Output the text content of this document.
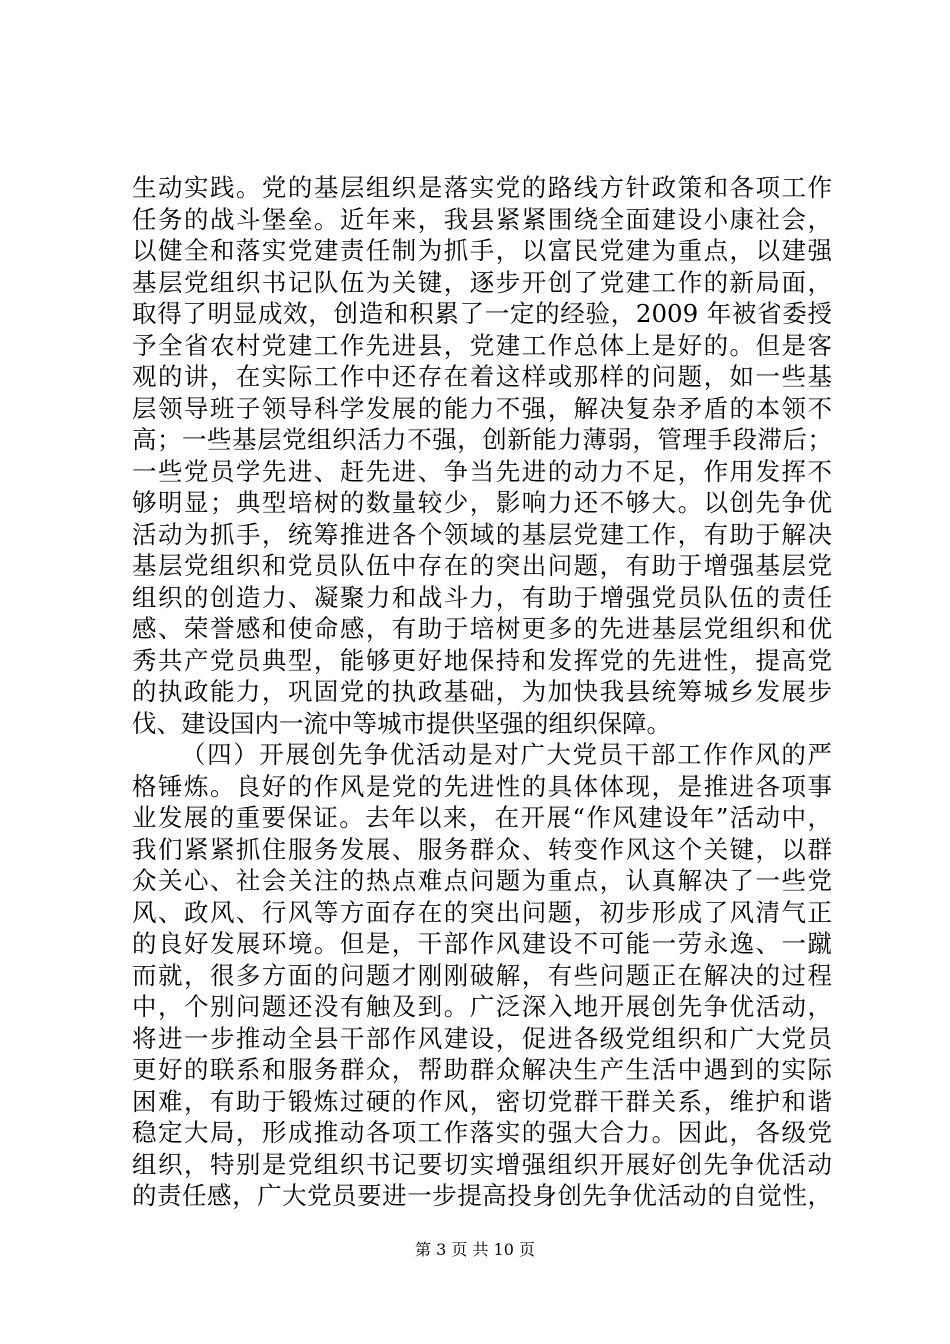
生动实践。党的基层组织是落实党的路线方针政策和各项工作
任务的战斗堡垒。近年来，我县紧紧围绕全面建设小康社会，
以健全和落实党建责任制为抓手，以富民党建为重点，以建强
基层党组织书记队伍为关键，逐步开创了党建工作的新局面，
取得了明显成效，创造和积累了一定的经验，2009 年被省委授
予全省农村党建工作先进县，党建工作总体上是好的。但是客
观的讲，在实际工作中还存在着这样或那样的问题，如一些基
层领导班子领导科学发展的能力不强，解决复杂矛盾的本领不
高；一些基层党组织活力不强，创新能力薄弱，管理手段滞后；
一些党员学先进、赶先进、争当先进的动力不足，作用发挥不
够明显；典型培树的数量较少，影响力还不够大。以创先争优
活动为抓手，统筹推进各个领域的基层党建工作，有助于解决
基层党组织和党员队伍中存在的突出问题，有助于增强基层党
组织的创造力、凝聚力和战斗力，有助于增强党员队伍的责任
感、荣誉感和使命感，有助于培树更多的先进基层党组织和优
秀共产党员典型，能够更好地保持和发挥党的先进性，提高党
的执政能力，巩固党的执政基础，为加快我县统筹城乡发展步
伐、建设国内一流中等城市提供坚强的组织保障。
（四）开展创先争优活动是对广大党员干部工作作风的严
格锤炼。良好的作风是党的先进性的具体体现，是推进各项事
业发展的重要保证。去年以来，在开展“作风建设年”活动中，
我们紧紧抓住服务发展、服务群众、转变作风这个关键，以群
众关心、社会关注的热点难点问题为重点，认真解决了一些党
风、政风、行风等方面存在的突出问题，初步形成了风清气正
的良好发展环境。但是，干部作风建设不可能一劳永逸、一蹴
而就，很多方面的问题才刚刚破解，有些问题正在解决的过程
中，个别问题还没有触及到。广泛深入地开展创先争优活动，
将进一步推动全县干部作风建设，促进各级党组织和广大党员
更好的联系和服务群众，帮助群众解决生产生活中遇到的实际
困难，有助于锻炼过硬的作风，密切党群干群关系，维护和谐
稳定大局，形成推动各项工作落实的强大合力。因此，各级党
组织，特别是党组织书记要切实增强组织开展好创先争优活动
的责任感，广大党员要进一步提高投身创先争优活动的自觉性，
第 3 页 共 10 页
